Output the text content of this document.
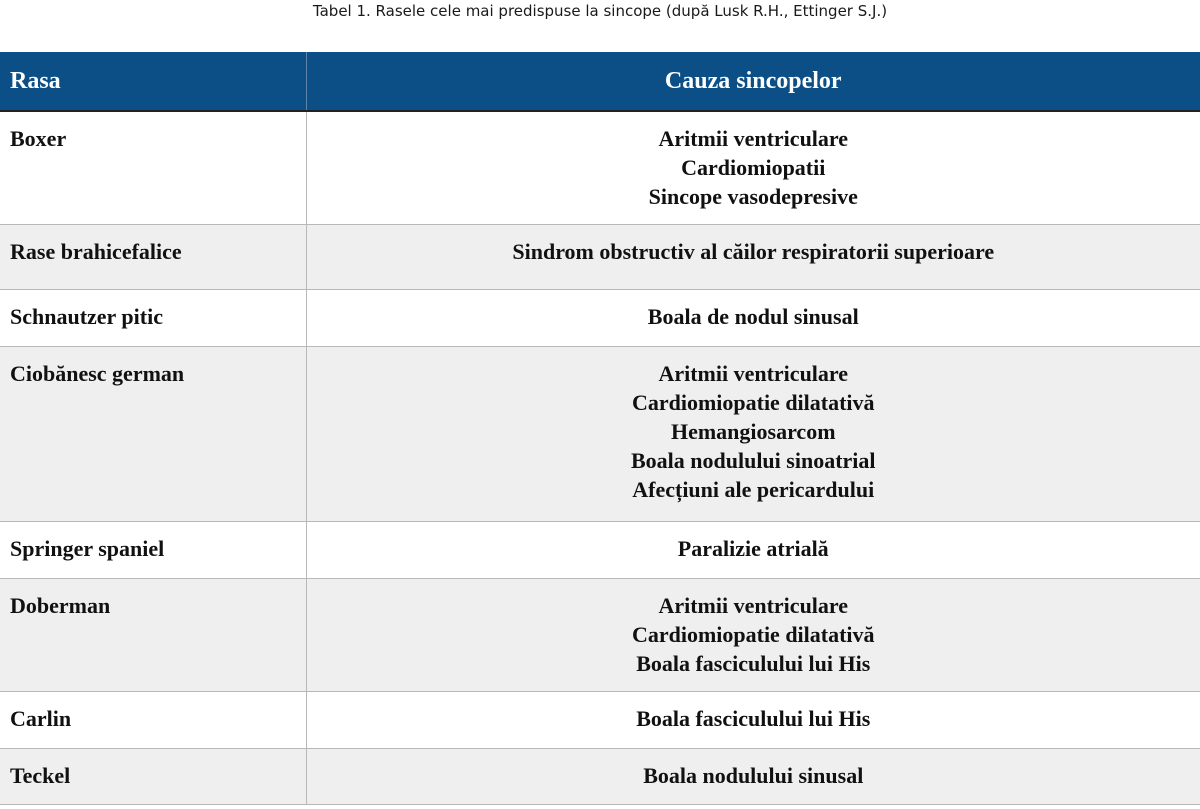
Tabel 1. Rasele cele mai predispuse la sincope (după Lusk R.H., Ettinger S.J.)
Rasa	Cauza sincopelor
Boxer	Aritmii ventriculare
Cardiomiopatii
Sincope vasodepresive

Rase brahicefalice	Sindrom obstructiv al căilor respiratorii superioare

Schnautzer pitic	Boala de nodul sinusal

Ciobănesc german	Aritmii ventriculare
Cardiomiopatie dilatativă
Hemangiosarcom
Boala nodulului sinoatrial
Afecțiuni ale pericardului

Springer spaniel	Paralizie atrială

Doberman	Aritmii ventriculare
Cardiomiopatie dilatativă
Boala fasciculului lui His

Carlin	Boala fasciculului lui His

Teckel	Boala nodulului sinusal
